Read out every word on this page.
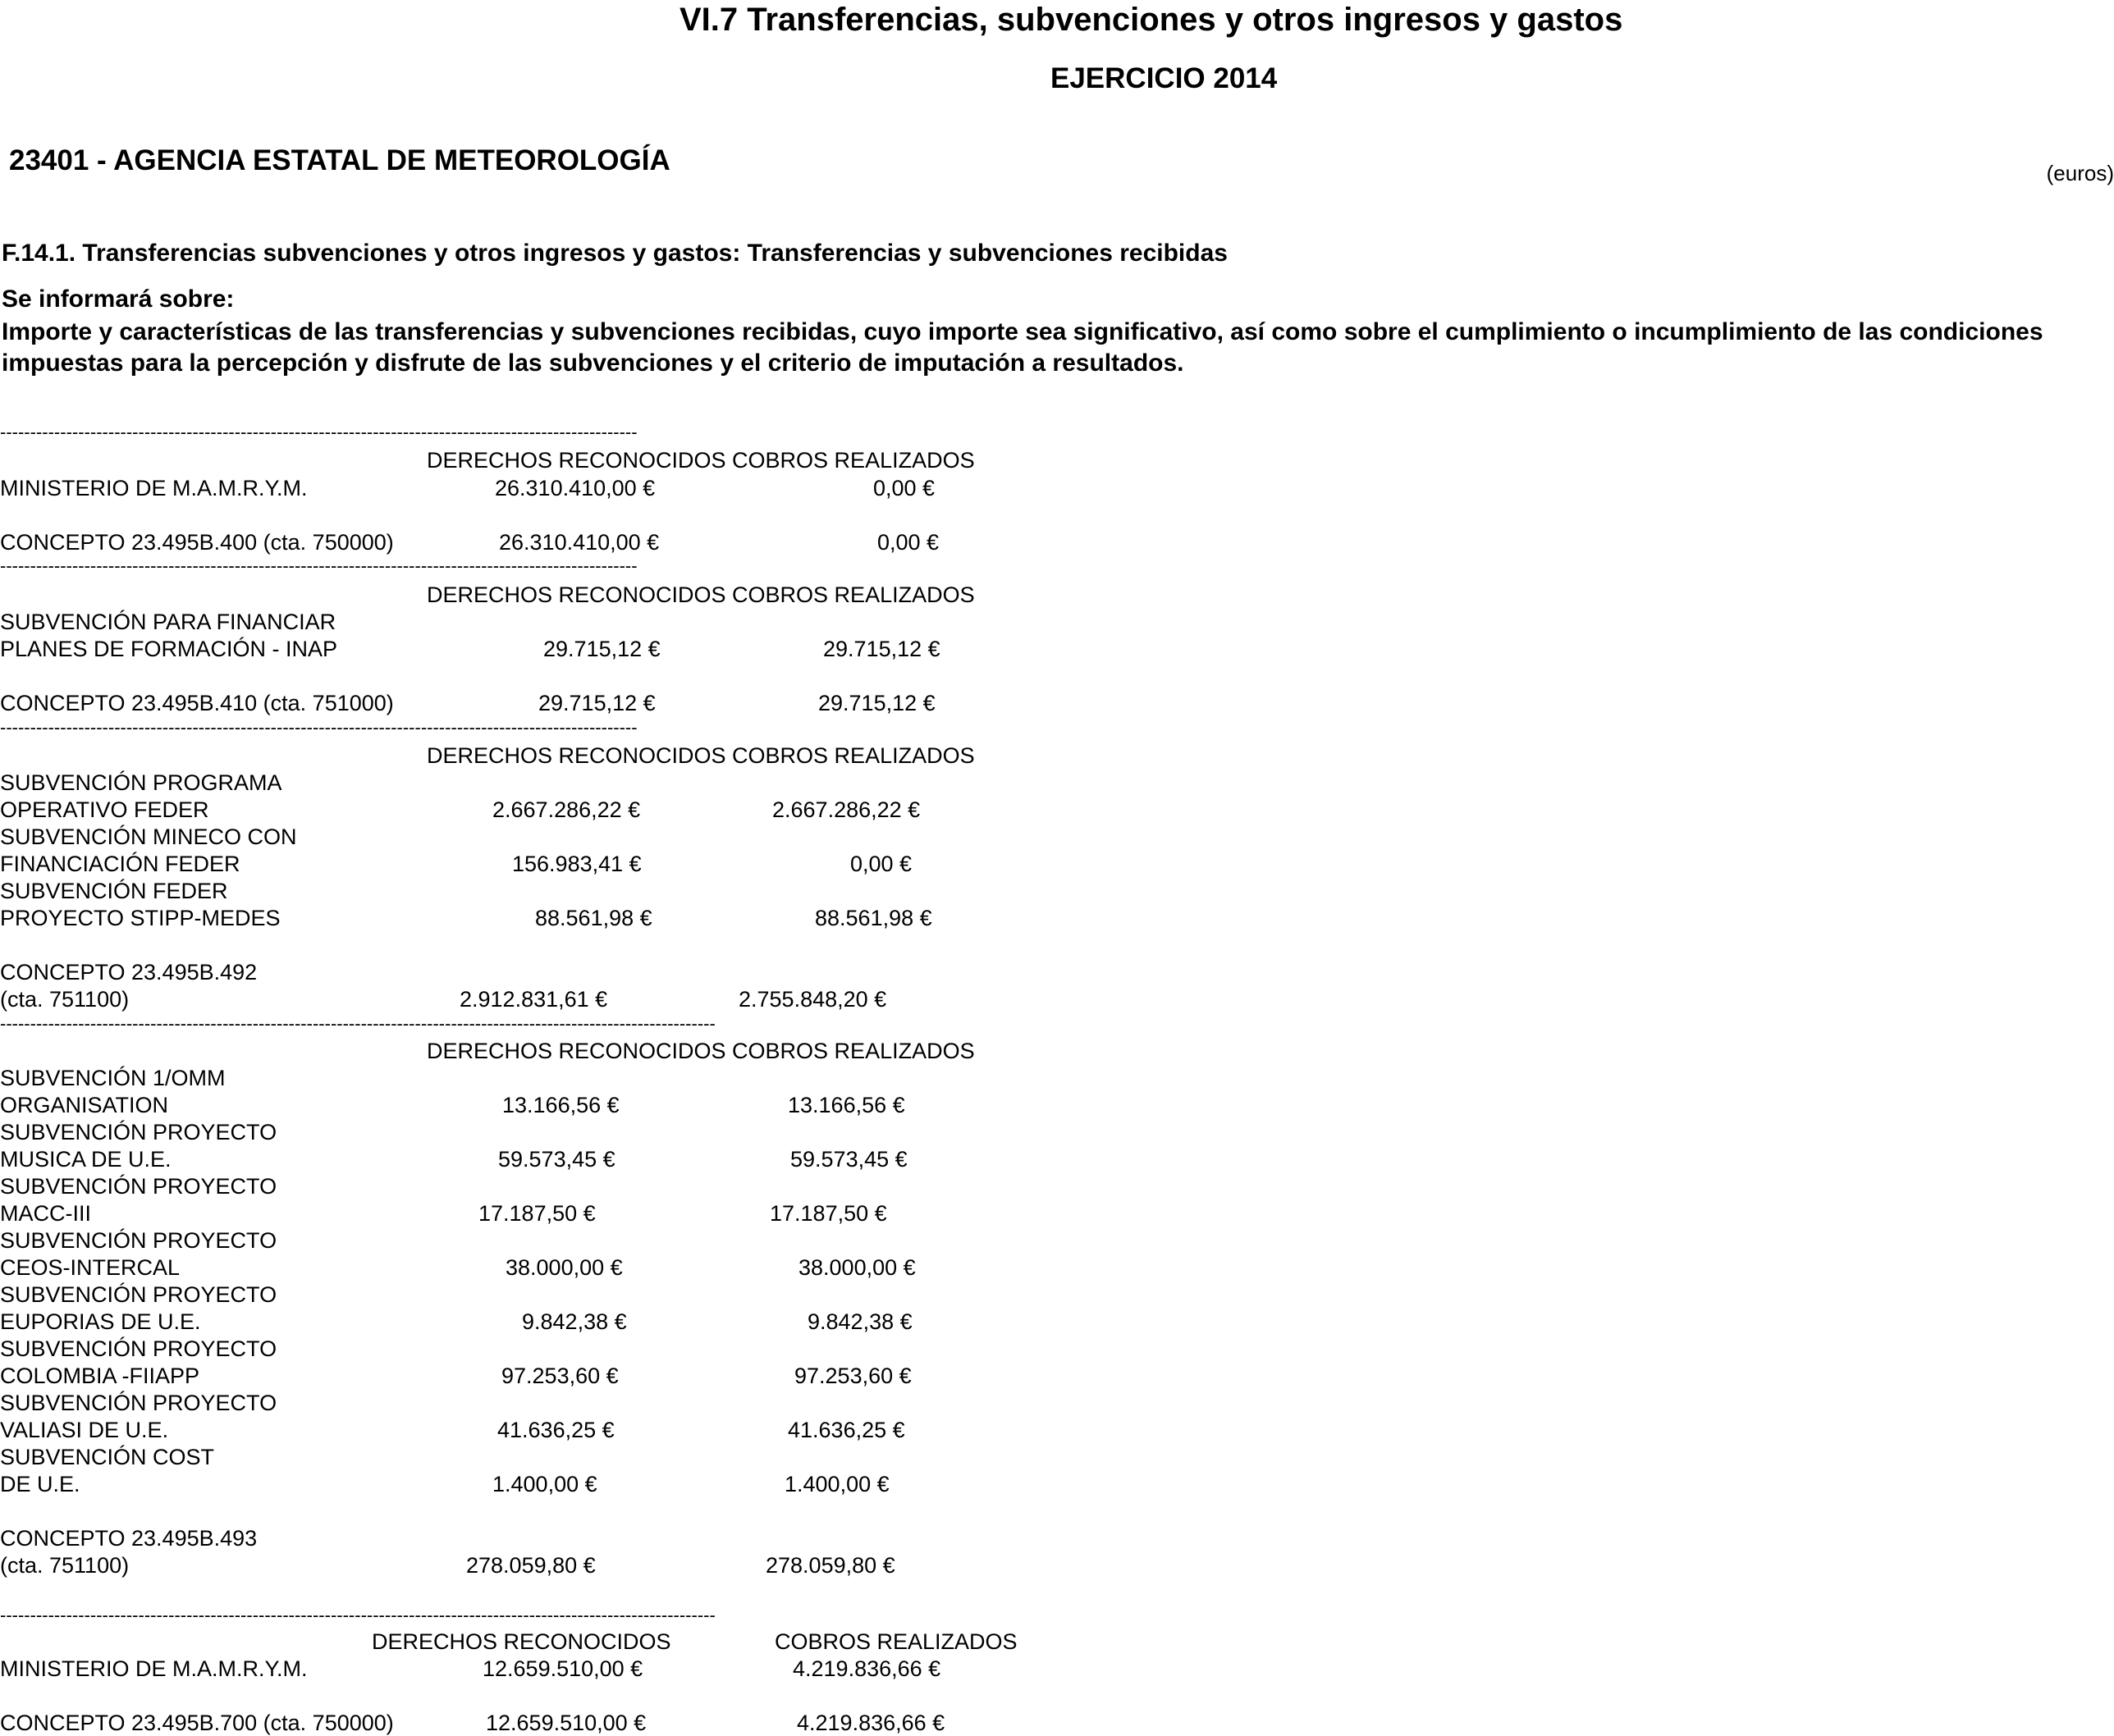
VI.7 Transferencias, subvenciones y otros ingresos y gastos
EJERCICIO 2014
23401 - AGENCIA ESTATAL DE METEOROLOGÍA	(euros)
F.14.1. Transferencias subvenciones y otros ingresos y gastos: Transferencias y subvenciones recibidas
Se informará sobre:
Importe y características de las transferencias y subvenciones recibidas, cuyo importe sea significativo, así como sobre el cumplimiento o incumplimiento de las condiciones impuestas para la percepción y disfrute de las subvenciones y el criterio de imputación a resultados.
----------------------------------------------------------------------------------------------------------
DERECHOS RECONOCIDOS COBROS REALIZADOS
MINISTERIO DE M.A.M.R.Y.M.	26.310.410,00 €	0,00 €
CONCEPTO 23.495B.400 (cta. 750000)	26.310.410,00 €	0,00 €
----------------------------------------------------------------------------------------------------------
DERECHOS RECONOCIDOS COBROS REALIZADOS
SUBVENCIÓN PARA FINANCIAR
PLANES DE FORMACIÓN - INAP	29.715,12 €	29.715,12 €
CONCEPTO 23.495B.410 (cta. 751000)	29.715,12 €	29.715,12 €
----------------------------------------------------------------------------------------------------------
DERECHOS RECONOCIDOS COBROS REALIZADOS
SUBVENCIÓN PROGRAMA
OPERATIVO FEDER	2.667.286,22 €	2.667.286,22 €
SUBVENCIÓN MINECO CON
FINANCIACIÓN FEDER	156.983,41 €	0,00 €
SUBVENCIÓN FEDER
PROYECTO STIPP-MEDES	88.561,98 €	88.561,98 €
CONCEPTO 23.495B.492
(cta. 751100)	2.912.831,61 €	2.755.848,20 €
-----------------------------------------------------------------------------------------------------------------------
DERECHOS RECONOCIDOS COBROS REALIZADOS
SUBVENCIÓN 1/OMM
ORGANISATION	13.166,56 €	13.166,56 €
SUBVENCIÓN PROYECTO
MUSICA DE U.E.	59.573,45 €	59.573,45 €
SUBVENCIÓN PROYECTO
MACC-III	17.187,50 €	17.187,50 €
SUBVENCIÓN PROYECTO
CEOS-INTERCAL	38.000,00 €	38.000,00 €
SUBVENCIÓN PROYECTO
EUPORIAS DE U.E.	9.842,38 €	9.842,38 €
SUBVENCIÓN PROYECTO
COLOMBIA -FIIAPP	97.253,60 €	97.253,60 €
SUBVENCIÓN PROYECTO
VALIASI DE U.E.	41.636,25 €	41.636,25 €
SUBVENCIÓN COST
DE U.E.	1.400,00 €	1.400,00 €
CONCEPTO 23.495B.493
(cta. 751100)	278.059,80 €	278.059,80 €
-----------------------------------------------------------------------------------------------------------------------
DERECHOS RECONOCIDOS	COBROS REALIZADOS
MINISTERIO DE M.A.M.R.Y.M.	12.659.510,00 €	4.219.836,66 €
CONCEPTO 23.495B.700 (cta. 750000)	12.659.510,00 €	4.219.836,66 €
